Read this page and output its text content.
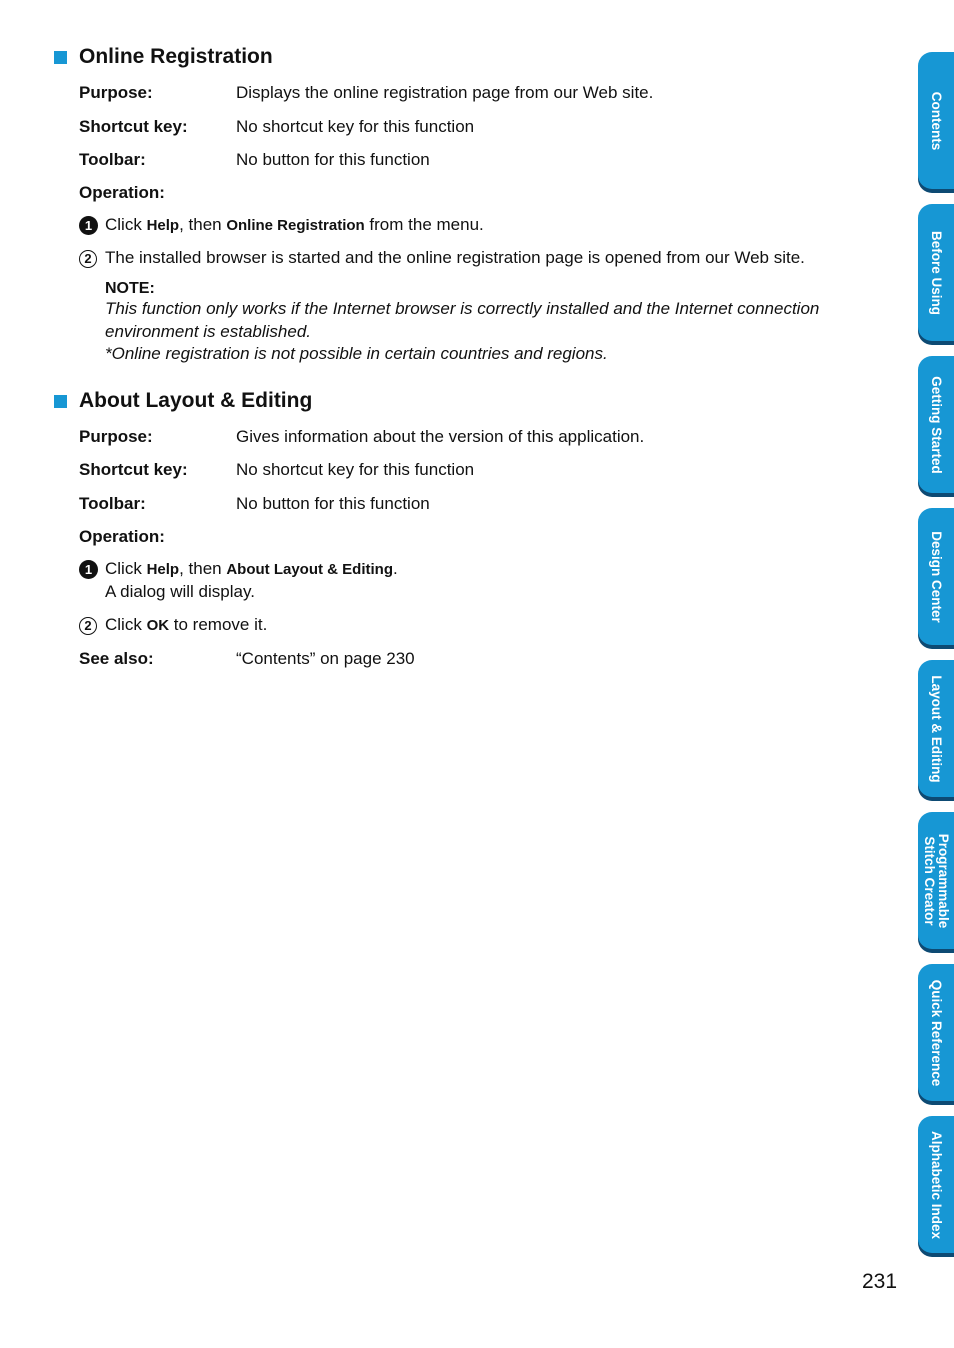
Online Registration
Purpose:	Displays the online registration page from our Web site.
Shortcut key:	No shortcut key for this function
Toolbar:	No button for this function
Operation:
1 Click Help, then Online Registration from the menu.
2 The installed browser is started and the online registration page is opened from our Web site.
NOTE:
This function only works if the Internet browser is correctly installed and the Internet connection
environment is established.
*Online registration is not possible in certain countries and regions.
About Layout & Editing
Purpose:	Gives information about the version of this application.
Shortcut key:	No shortcut key for this function
Toolbar:	No button for this function
Operation:
1 Click Help, then About Layout & Editing.
A dialog will display.
2 Click OK to remove it.
See also:	“Contents” on page 230
Contents
Before Using
Getting Started
Design Center
Layout & Editing
Programmable
Stitch Creator
Quick Reference
Alphabetic Index
231
